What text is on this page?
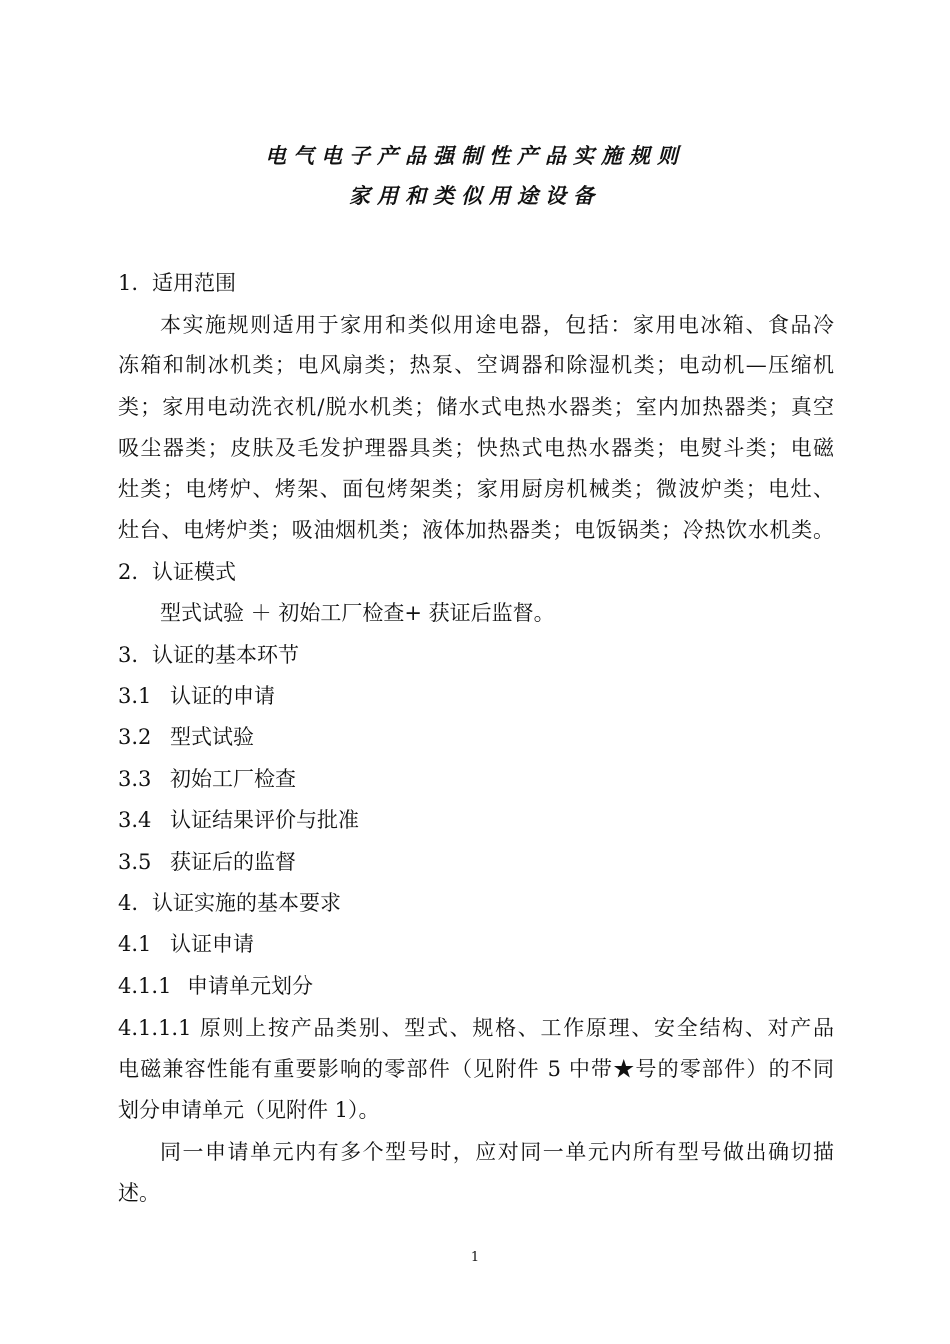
电气电子产品强制性产品实施规则
家用和类似用途设备
1. 适用范围
本实施规则适用于家用和类似用途电器，包括：家用电冰箱、食品冷
冻箱和制冰机类；电风扇类；热泵、空调器和除湿机类；电动机—压缩机
类；家用电动洗衣机/脱水机类；储水式电热水器类；室内加热器类；真空
吸尘器类；皮肤及毛发护理器具类；快热式电热水器类；电熨斗类；电磁
灶类；电烤炉、烤架、面包烤架类；家用厨房机械类；微波炉类；电灶、
灶台、电烤炉类；吸油烟机类；液体加热器类；电饭锅类；冷热饮水机类。
2. 认证模式
型式试验 ＋ 初始工厂检查+ 获证后监督。
3. 认证的基本环节
3.1 认证的申请
3.2 型式试验
3.3 初始工厂检查
3.4 认证结果评价与批准
3.5 获证后的监督
4. 认证实施的基本要求
4.1 认证申请
4.1.1 申请单元划分
4.1.1.1 原则上按产品类别、型式、规格、工作原理、安全结构、对产品
电磁兼容性能有重要影响的零部件（见附件 5 中带★号的零部件）的不同
划分申请单元（见附件 1）。
同一申请单元内有多个型号时，应对同一单元内所有型号做出确切描
述。
1
